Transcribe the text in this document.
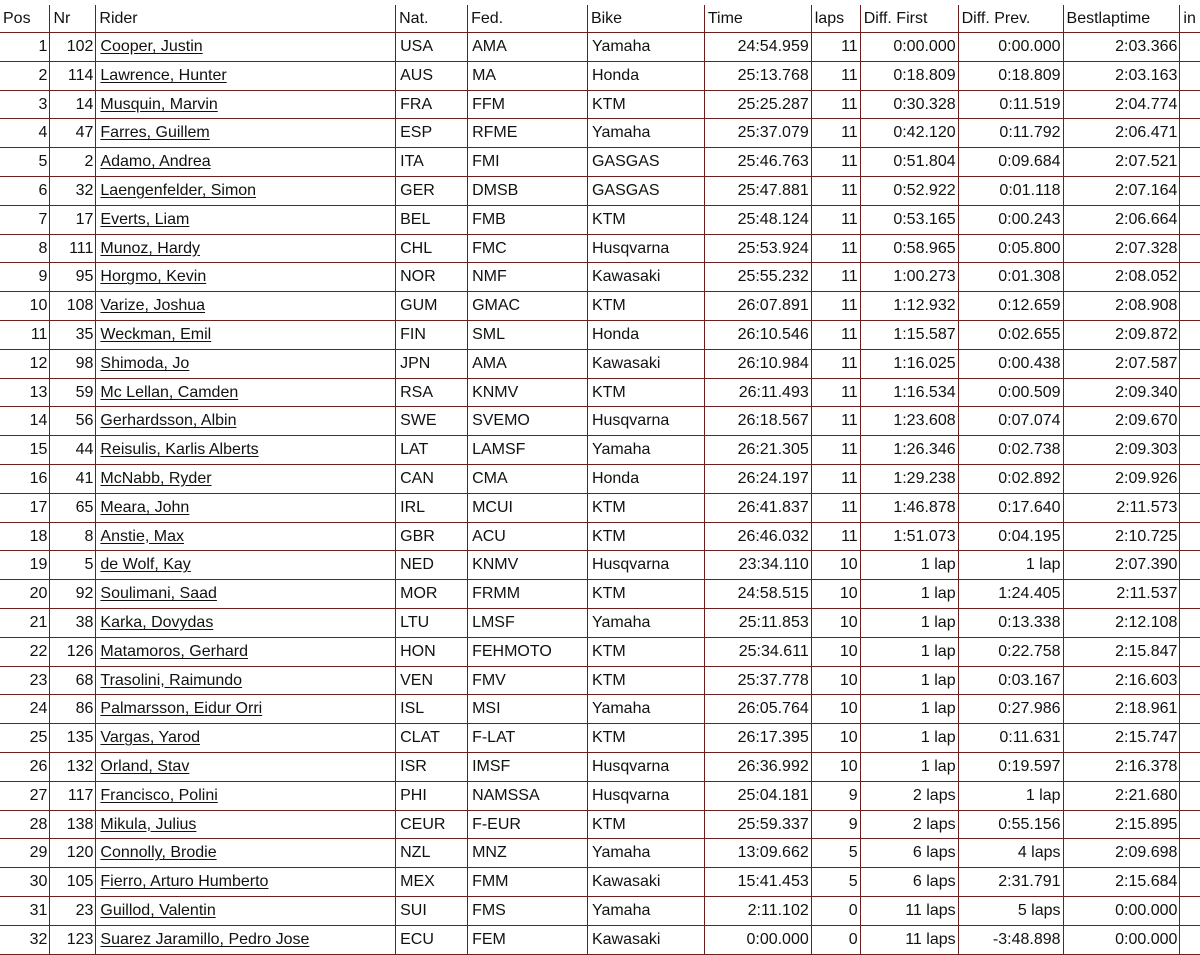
Pos	Nr	Rider	Nat.	Fed.	Bike	Time	laps	Diff. First	Diff. Prev.	Bestlaptime	in
1	102	Cooper, Justin	USA	AMA	Yamaha	24:54.959	11	0:00.000	0:00.000	2:03.366	
2	114	Lawrence, Hunter	AUS	MA	Honda	25:13.768	11	0:18.809	0:18.809	2:03.163	
3	14	Musquin, Marvin	FRA	FFM	KTM	25:25.287	11	0:30.328	0:11.519	2:04.774	
4	47	Farres, Guillem	ESP	RFME	Yamaha	25:37.079	11	0:42.120	0:11.792	2:06.471	
5	2	Adamo, Andrea	ITA	FMI	GASGAS	25:46.763	11	0:51.804	0:09.684	2:07.521	
6	32	Laengenfelder, Simon	GER	DMSB	GASGAS	25:47.881	11	0:52.922	0:01.118	2:07.164	
7	17	Everts, Liam	BEL	FMB	KTM	25:48.124	11	0:53.165	0:00.243	2:06.664	
8	111	Munoz, Hardy	CHL	FMC	Husqvarna	25:53.924	11	0:58.965	0:05.800	2:07.328	
9	95	Horgmo, Kevin	NOR	NMF	Kawasaki	25:55.232	11	1:00.273	0:01.308	2:08.052	
10	108	Varize, Joshua	GUM	GMAC	KTM	26:07.891	11	1:12.932	0:12.659	2:08.908	
11	35	Weckman, Emil	FIN	SML	Honda	26:10.546	11	1:15.587	0:02.655	2:09.872	
12	98	Shimoda, Jo	JPN	AMA	Kawasaki	26:10.984	11	1:16.025	0:00.438	2:07.587	
13	59	Mc Lellan, Camden	RSA	KNMV	KTM	26:11.493	11	1:16.534	0:00.509	2:09.340	
14	56	Gerhardsson, Albin	SWE	SVEMO	Husqvarna	26:18.567	11	1:23.608	0:07.074	2:09.670	
15	44	Reisulis, Karlis Alberts	LAT	LAMSF	Yamaha	26:21.305	11	1:26.346	0:02.738	2:09.303	
16	41	McNabb, Ryder	CAN	CMA	Honda	26:24.197	11	1:29.238	0:02.892	2:09.926	
17	65	Meara, John	IRL	MCUI	KTM	26:41.837	11	1:46.878	0:17.640	2:11.573	
18	8	Anstie, Max	GBR	ACU	KTM	26:46.032	11	1:51.073	0:04.195	2:10.725	
19	5	de Wolf, Kay	NED	KNMV	Husqvarna	23:34.110	10	1 lap	1 lap	2:07.390	
20	92	Soulimani, Saad	MOR	FRMM	KTM	24:58.515	10	1 lap	1:24.405	2:11.537	
21	38	Karka, Dovydas	LTU	LMSF	Yamaha	25:11.853	10	1 lap	0:13.338	2:12.108	
22	126	Matamoros, Gerhard	HON	FEHMOTO	KTM	25:34.611	10	1 lap	0:22.758	2:15.847	
23	68	Trasolini, Raimundo	VEN	FMV	KTM	25:37.778	10	1 lap	0:03.167	2:16.603	
24	86	Palmarsson, Eidur Orri	ISL	MSI	Yamaha	26:05.764	10	1 lap	0:27.986	2:18.961	
25	135	Vargas, Yarod	CLAT	F-LAT	KTM	26:17.395	10	1 lap	0:11.631	2:15.747	
26	132	Orland, Stav	ISR	IMSF	Husqvarna	26:36.992	10	1 lap	0:19.597	2:16.378	
27	117	Francisco, Polini	PHI	NAMSSA	Husqvarna	25:04.181	9	2 laps	1 lap	2:21.680	
28	138	Mikula, Julius	CEUR	F-EUR	KTM	25:59.337	9	2 laps	0:55.156	2:15.895	
29	120	Connolly, Brodie	NZL	MNZ	Yamaha	13:09.662	5	6 laps	4 laps	2:09.698	
30	105	Fierro, Arturo Humberto	MEX	FMM	Kawasaki	15:41.453	5	6 laps	2:31.791	2:15.684	
31	23	Guillod, Valentin	SUI	FMS	Yamaha	2:11.102	0	11 laps	5 laps	0:00.000	
32	123	Suarez Jaramillo, Pedro Jose	ECU	FEM	Kawasaki	0:00.000	0	11 laps	-3:48.898	0:00.000	
